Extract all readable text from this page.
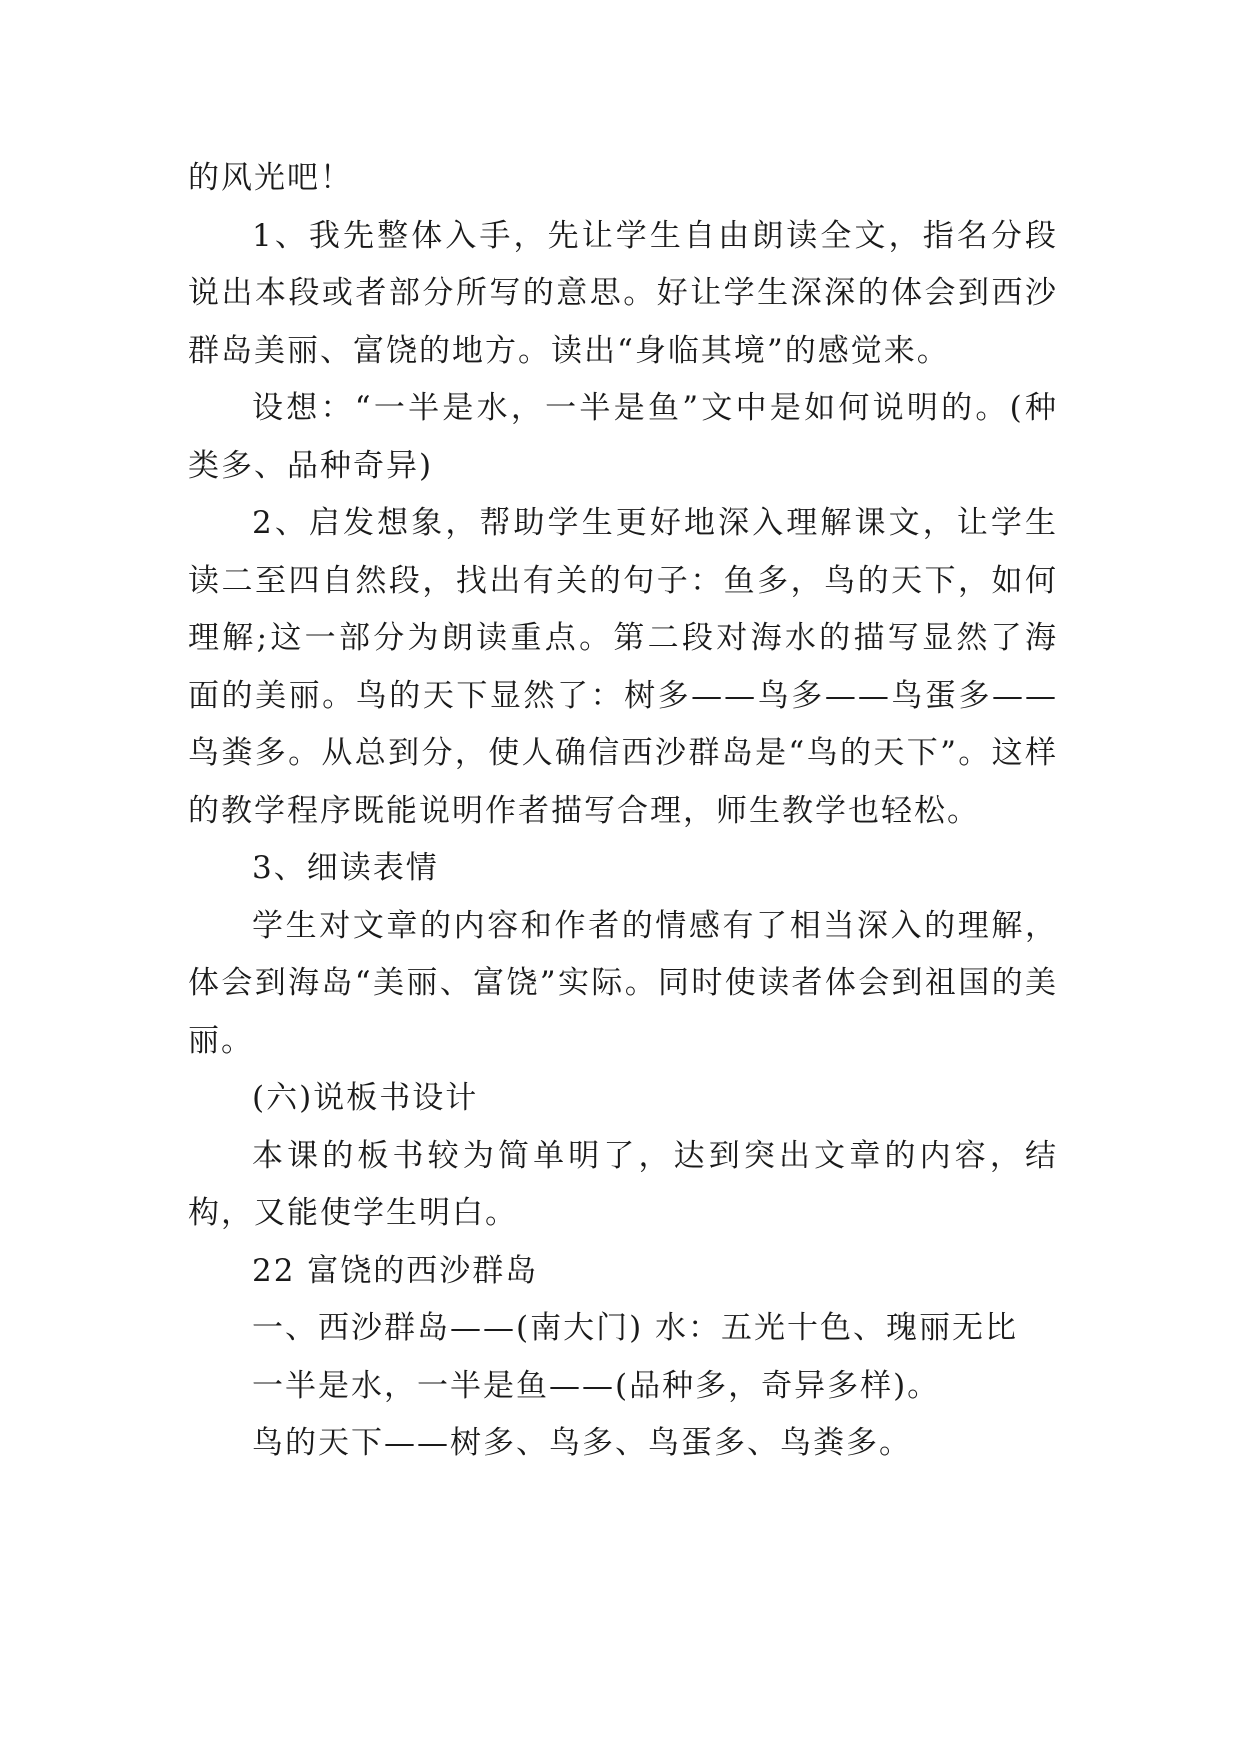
的风光吧！

1、我先整体入手，先让学生自由朗读全文，指名分段说出本段或者部分所写的意思。好让学生深深的体会到西沙群岛美丽、富饶的地方。读出“身临其境”的感觉来。

设想：“一半是水，一半是鱼”文中是如何说明的。(种类多、品种奇异)

2、启发想象，帮助学生更好地深入理解课文，让学生读二至四自然段，找出有关的句子：鱼多，鸟的天下，如何理解;这一部分为朗读重点。第二段对海水的描写显然了海面的美丽。鸟的天下显然了：树多——鸟多——鸟蛋多——鸟粪多。从总到分，使人确信西沙群岛是“鸟的天下”。这样的教学程序既能说明作者描写合理，师生教学也轻松。

3、细读表情

学生对文章的内容和作者的情感有了相当深入的理解，体会到海岛“美丽、富饶”实际。同时使读者体会到祖国的美丽。

(六)说板书设计

本课的板书较为简单明了，达到突出文章的内容，结构，又能使学生明白。

22 富饶的西沙群岛

一、西沙群岛——(南大门) 水：五光十色、瑰丽无比

一半是水，一半是鱼——(品种多，奇异多样)。

鸟的天下——树多、鸟多、鸟蛋多、鸟粪多。
